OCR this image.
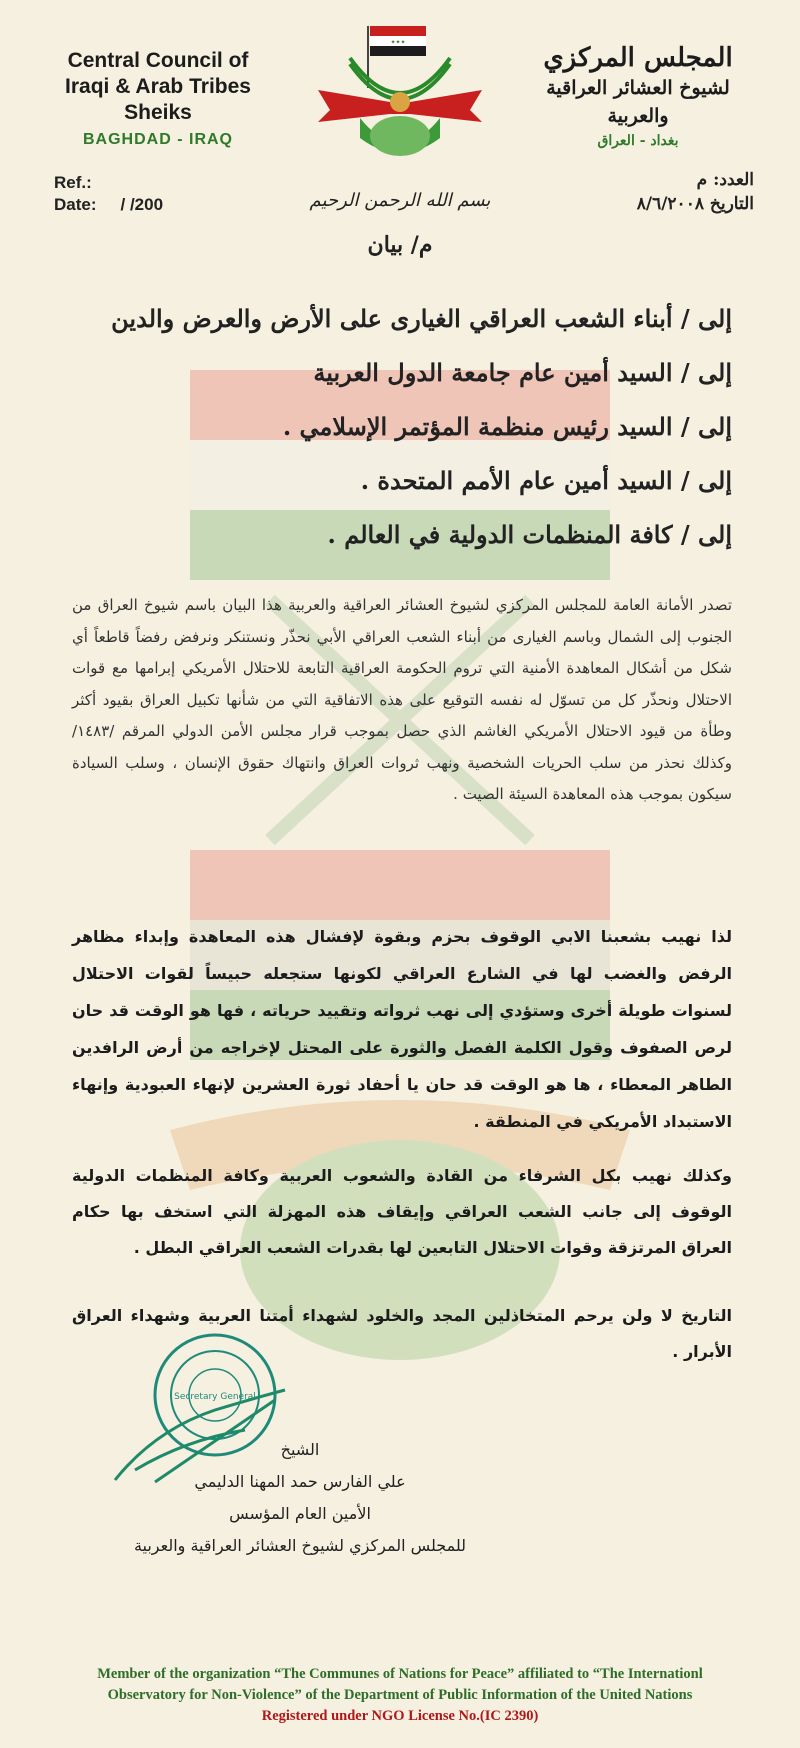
Central Council of
Iraqi & Arab Tribes Sheiks
BAGHDAD - IRAQ
✦✦✦
المجلس المركزي
لشيوخ العشائر العراقية والعربية
بغداد - العراق
Ref.:
Date: / /200	بسم الله الرحمن الرحيم
العدد: م
التاريخ ٨/٦/٢٠٠٨
م/ بيان
إلى / أبناء الشعب العراقي الغيارى على الأرض والعرض والدين
إلى / السيد أمين عام جامعة الدول العربية
إلى / السيد رئيس منظمة المؤتمر الإسلامي .
إلى / السيد أمين عام الأمم المتحدة .
إلى / كافة المنظمات الدولية في العالم .
تصدر الأمانة العامة للمجلس المركزي لشيوخ العشائر العراقية والعربية هذا البيان باسم شيوخ العراق من الجنوب إلى الشمال وباسم الغيارى من أبناء الشعب العراقي الأبي نحذّر ونستنكر ونرفض رفضاً قاطعاً أي شكل من أشكال المعاهدة الأمنية التي تروم الحكومة العراقية التابعة للاحتلال الأمريكي إبرامها مع قوات الاحتلال ونحذّر كل من تسوّل له نفسه التوقيع على هذه الاتفاقية التي من شأنها تكبيل العراق بقيود أكثر وطأة من قيود الاحتلال الأمريكي الغاشم الذي حصل بموجب قرار مجلس الأمن الدولي المرقم /١٤٨٣/ وكذلك نحذر من سلب الحريات الشخصية ونهب ثروات العراق وانتهاك حقوق الإنسان ، وسلب السيادة سيكون بموجب هذه المعاهدة السيئة الصيت .
لذا نهيب بشعبنا الابي الوقوف بحزم وبقوة لإفشال هذه المعاهدة وإبداء مظاهر الرفض والغضب لها في الشارع العراقي لكونها ستجعله حبيساً لقوات الاحتلال لسنوات طويلة أخرى وستؤدي إلى نهب ثرواته وتقييد حرياته ، فها هو الوقت قد حان لرص الصفوف وقول الكلمة الفصل والثورة على المحتل لإخراجه من أرض الرافدين الطاهر المعطاء ، ها هو الوقت قد حان يا أحفاد ثورة العشرين لإنهاء العبودية وإنهاء الاستبداد الأمريكي في المنطقة .
وكذلك نهيب بكل الشرفاء من القادة والشعوب العربية وكافة المنظمات الدولية الوقوف إلى جانب الشعب العراقي وإيقاف هذه المهزلة التي استخف بها حكام العراق المرتزقة وقوات الاحتلال التابعين لها بقدرات الشعب العراقي البطل .
التاريخ لا ولن يرحم المتخاذلين المجد والخلود لشهداء أمتنا العربية وشهداء العراق الأبرار .
Secretary General
الشيخ
علي الفارس حمد المهنا الدليمي
الأمين العام المؤسس
للمجلس المركزي لشيوخ العشائر العراقية والعربية
Member of the organization “The Communes of Nations for Peace” affiliated to “The Internationl
Observatory for Non-Violence” of the Department of Public Information of the United Nations
Registered under NGO License No.(IC 2390)
